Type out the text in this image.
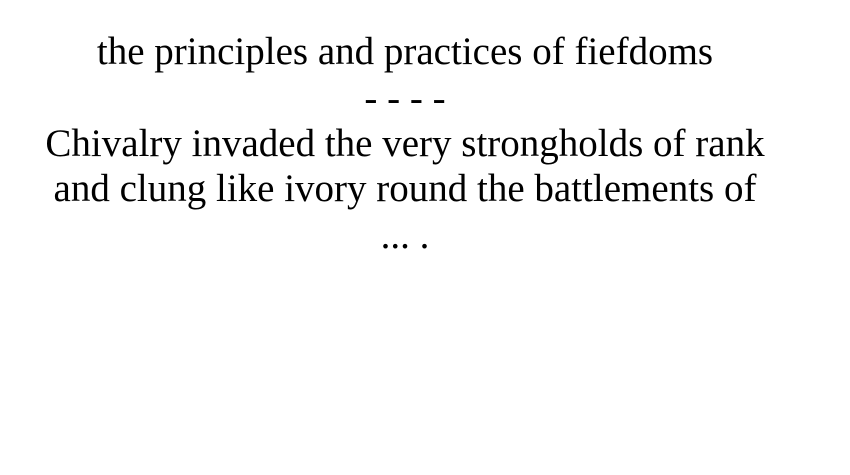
the principles and practices of fiefdoms
- - - -
Chivalry invaded the very strongholds of rank
and clung like ivory round the battlements of
... .
